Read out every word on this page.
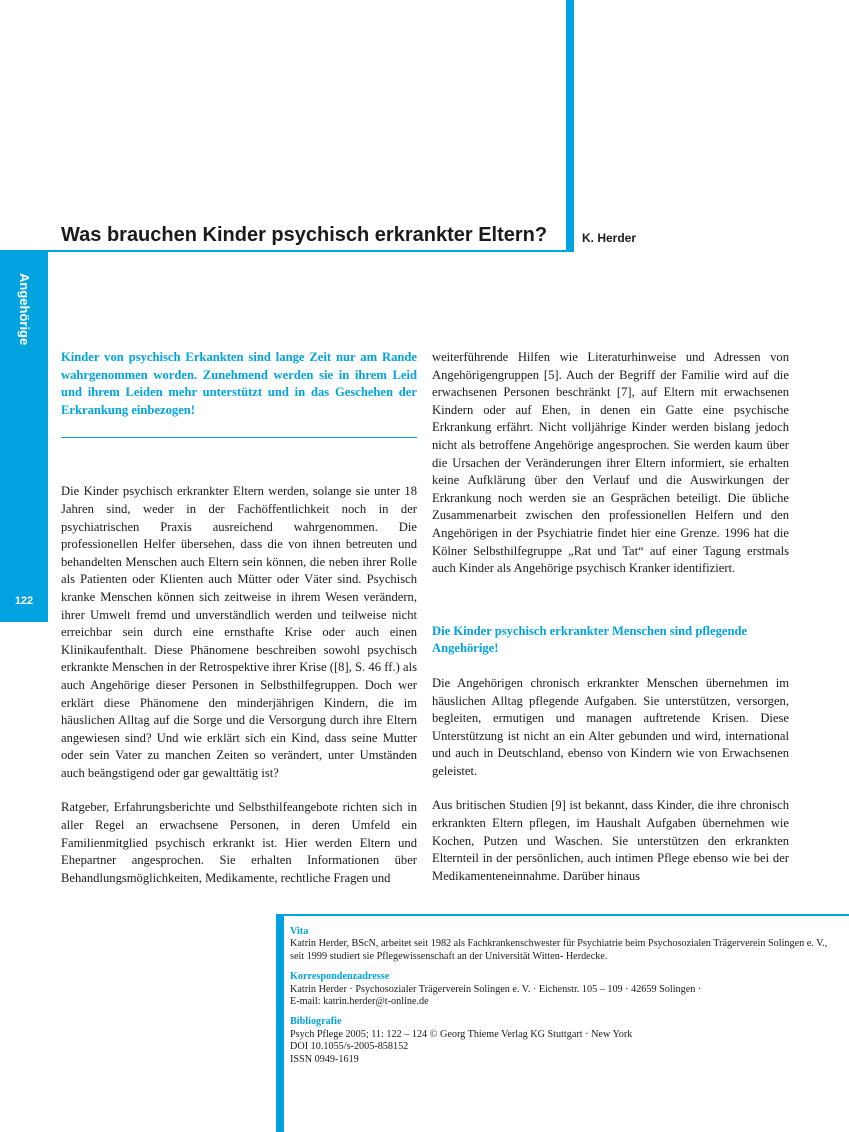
Was brauchen Kinder psychisch erkrankter Eltern?	K. Herder
Angehörige
122

Kinder von psychisch Erkankten sind lange Zeit nur am Rande wahrgenommen worden. Zunehmend werden sie in ihrem Leid und ihrem Leiden mehr unterstützt und in das Geschehen der Erkrankung einbezogen!

Die Kinder psychisch erkrankter Eltern werden, solange sie unter 18 Jahren sind, weder in der Fachöffentlichkeit noch in der psychiatrischen Praxis ausreichend wahrgenommen. Die professionellen Helfer übersehen, dass die von ihnen betreuten und behandelten Menschen auch Eltern sein können, die neben ihrer Rolle als Patienten oder Klienten auch Mütter oder Väter sind. Psychisch kranke Menschen können sich zeitweise in ihrem Wesen verändern, ihrer Umwelt fremd und unverständlich werden und teilweise nicht erreichbar sein durch eine ernsthafte Krise oder auch einen Klinikaufenthalt. Diese Phänomene beschreiben sowohl psychisch erkrankte Menschen in der Retrospektive ihrer Krise ([8], S. 46 ff.) als auch Angehörige dieser Personen in Selbsthilfegruppen. Doch wer erklärt diese Phänomene den minderjährigen Kindern, die im häuslichen Alltag auf die Sorge und die Versorgung durch ihre Eltern angewiesen sind? Und wie erklärt sich ein Kind, dass seine Mutter oder sein Vater zu manchen Zeiten so verändert, unter Umständen auch beängstigend oder gar gewalttätig ist?

Ratgeber, Erfahrungsberichte und Selbsthilfeangebote richten sich in aller Regel an erwachsene Personen, in deren Umfeld ein Familienmitglied psychisch erkrankt ist. Hier werden Eltern und Ehepartner angesprochen. Sie erhalten Informationen über Behandlungsmöglichkeiten, Medikamente, rechtliche Fragen und

weiterführende Hilfen wie Literaturhinweise und Adressen von Angehörigengruppen [5]. Auch der Begriff der Familie wird auf die erwachsenen Personen beschränkt [7], auf Eltern mit erwachsenen Kindern oder auf Ehen, in denen ein Gatte eine psychische Erkrankung erfährt. Nicht volljährige Kinder werden bislang jedoch nicht als betroffene Angehörige angesprochen. Sie werden kaum über die Ursachen der Veränderungen ihrer Eltern informiert, sie erhalten keine Aufklärung über den Verlauf und die Auswirkungen der Erkrankung noch werden sie an Gesprächen beteiligt. Die übliche Zusammenarbeit zwischen den professionellen Helfern und den Angehörigen in der Psychiatrie findet hier eine Grenze. 1996 hat die Kölner Selbsthilfegruppe „Rat und Tat“ auf einer Tagung erstmals auch Kinder als Angehörige psychisch Kranker identifiziert.

Die Kinder psychisch erkrankter Menschen sind pflegende Angehörige!

Die Angehörigen chronisch erkrankter Menschen übernehmen im häuslichen Alltag pflegende Aufgaben. Sie unterstützen, versorgen, begleiten, ermutigen und managen auftretende Krisen. Diese Unterstützung ist nicht an ein Alter gebunden und wird, international und auch in Deutschland, ebenso von Kindern wie von Erwachsenen geleistet.

Aus britischen Studien [9] ist bekannt, dass Kinder, die ihre chronisch erkrankten Eltern pflegen, im Haushalt Aufgaben übernehmen wie Kochen, Putzen und Waschen. Sie unterstützen den erkrankten Elternteil in der persönlichen, auch intimen Pflege ebenso wie bei der Medikamenteneinnahme. Darüber hinaus

Vita

Katrin Herder, BScN, arbeitet seit 1982 als Fachkrankenschwester für Psychiatrie beim Psychosozialen Trägerverein Solingen e. V., seit 1999 studiert sie Pflegewissenschaft an der Universität Witten- Herdecke.

Korrespondenzadresse

Katrin Herder · Psychosozialer Trägerverein Solingen e. V. · Eichenstr. 105 – 109 · 42659 Solingen ·

E-mail: katrin.herder@t-online.de

Bibliografie

Psych Pflege 2005; 11: 122 – 124 © Georg Thieme Verlag KG Stuttgart · New York

DOI 10.1055/s-2005-858152

ISSN 0949-1619
